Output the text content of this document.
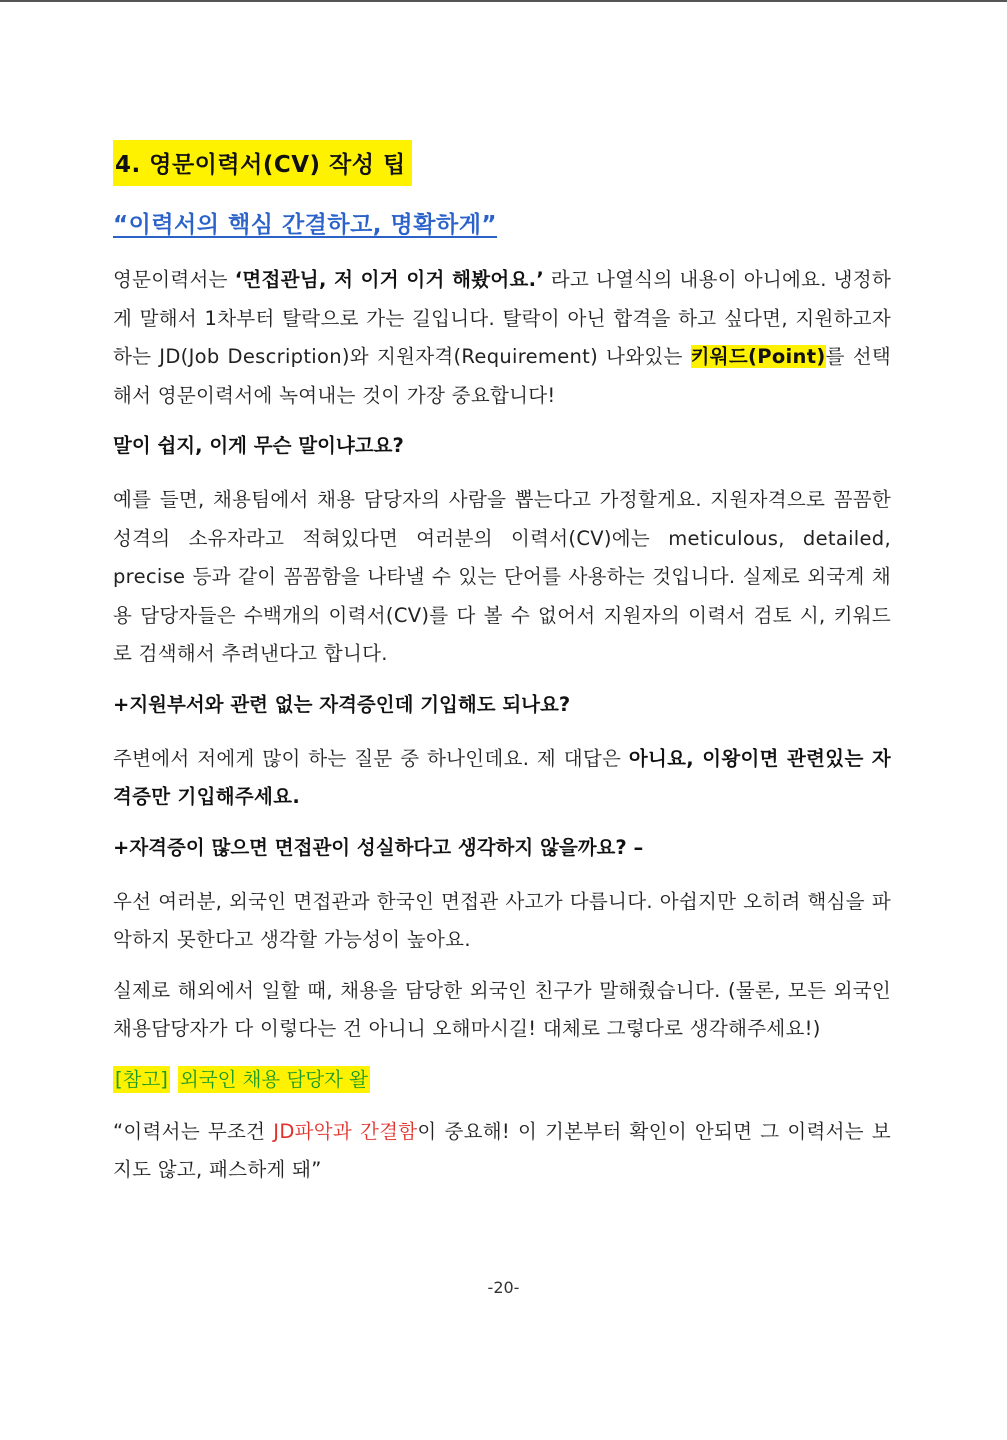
4. 영문이력서(CV) 작성 팁
“이력서의 핵심 간결하고, 명확하게”

영문이력서는 ‘면접관님, 저 이거 이거 해봤어요.’ 라고 나열식의 내용이 아니에요. 냉정하게 말해서 1차부터 탈락으로 가는 길입니다. 탈락이 아닌 합격을 하고 싶다면, 지원하고자 하는 JD(Job Description)와 지원자격(Requirement) 나와있는 키워드(Point)를 선택해서 영문이력서에 녹여내는 것이 가장 중요합니다!

말이 쉽지, 이게 무슨 말이냐고요?

예를 들면, 채용팀에서 채용 담당자의 사람을 뽑는다고 가정할게요. 지원자격으로 꼼꼼한 성격의 소유자라고 적혀있다면 여러분의 이력서(CV)에는 meticulous, detailed, precise 등과 같이 꼼꼼함을 나타낼 수 있는 단어를 사용하는 것입니다. 실제로 외국계 채용 담당자들은 수백개의 이력서(CV)를 다 볼 수 없어서 지원자의 이력서 검토 시, 키워드로 검색해서 추려낸다고 합니다.

+지원부서와 관련 없는 자격증인데 기입해도 되나요?

주변에서 저에게 많이 하는 질문 중 하나인데요. 제 대답은 아니요, 이왕이면 관련있는 자격증만 기입해주세요.

+자격증이 많으면 면접관이 성실하다고 생각하지 않을까요? –

우선 여러분, 외국인 면접관과 한국인 면접관 사고가 다릅니다. 아쉽지만 오히려 핵심을 파악하지 못한다고 생각할 가능성이 높아요.

실제로 해외에서 일할 때, 채용을 담당한 외국인 친구가 말해줬습니다. (물론, 모든 외국인 채용담당자가 다 이렇다는 건 아니니 오해마시길! 대체로 그렇다로 생각해주세요!)

[참고] 외국인 채용 담당자 왈

“이력서는 무조건 JD파악과 간결함이 중요해! 이 기본부터 확인이 안되면 그 이력서는 보지도 않고, 패스하게 돼”

-20-
